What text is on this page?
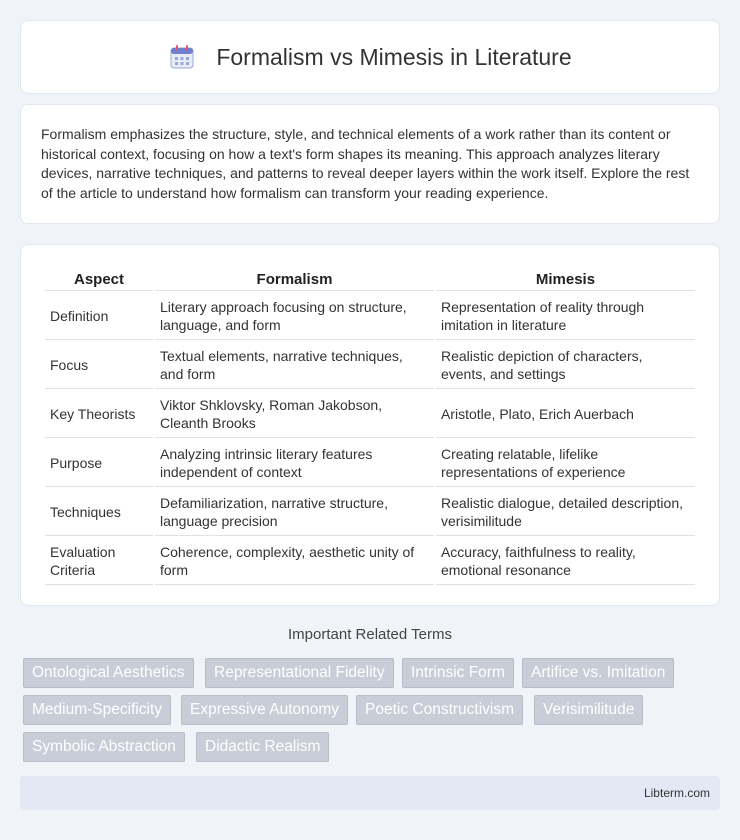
Formalism vs Mimesis in Literature

Formalism emphasizes the structure, style, and technical elements of a work rather than its content or historical context, focusing on how a text's form shapes its meaning. This approach analyzes literary devices, narrative techniques, and patterns to reveal deeper layers within the work itself. Explore the rest of the article to understand how formalism can transform your reading experience.

Aspect	Formalism	Mimesis
Definition	Literary approach focusing on structure, language, and form	Representation of reality through imitation in literature
Focus	Textual elements, narrative techniques, and form	Realistic depiction of characters, events, and settings
Key Theorists	Viktor Shklovsky, Roman Jakobson, Cleanth Brooks	Aristotle, Plato, Erich Auerbach
Purpose	Analyzing intrinsic literary features independent of context	Creating relatable, lifelike representations of experience
Techniques	Defamiliarization, narrative structure, language precision	Realistic dialogue, detailed description, verisimilitude
Evaluation Criteria	Coherence, complexity, aesthetic unity of form	Accuracy, faithfulness to reality, emotional resonance
Important Related Terms
Ontological Aesthetics	Representational Fidelity	Intrinsic Form	Artifice vs. Imitation
Medium-Specificity	Expressive Autonomy	Poetic Constructivism	Verisimilitude
Symbolic Abstraction	Didactic Realism
Libterm.com
